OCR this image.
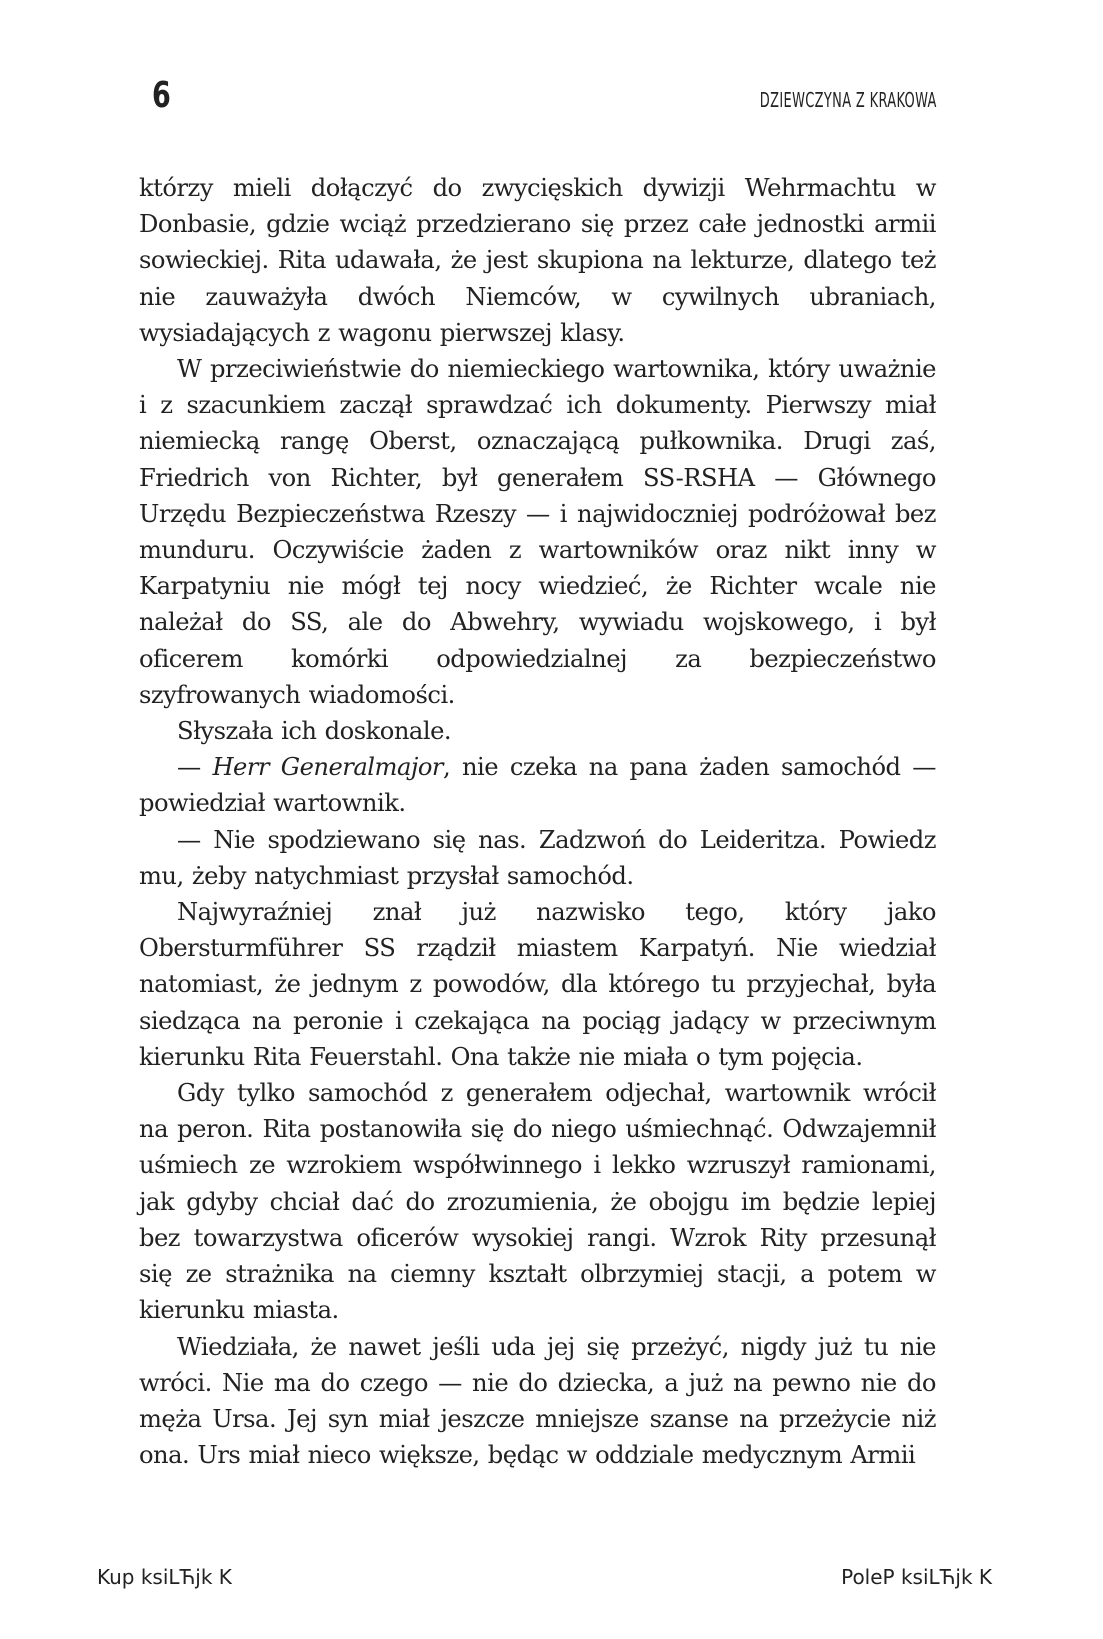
6	DZIEWCZYNA Z KRAKOWA

którzy mieli dołączyć do zwycięskich dywizji Wehrmachtu w Donbasie, gdzie wciąż przedzierano się przez całe jednostki armii sowieckiej. Rita udawała, że jest skupiona na lekturze, dlatego też nie zauważyła dwóch Niemców, w cywilnych ubraniach, wysiadających z wagonu pierwszej klasy.

W przeciwieństwie do niemieckiego wartownika, który uważnie i z szacunkiem zaczął sprawdzać ich dokumenty. Pierwszy miał niemiecką rangę Oberst, oznaczającą pułkownika. Drugi zaś, Friedrich von Richter, był generałem SS-RSHA — Głównego Urzędu Bezpieczeństwa Rzeszy — i najwidoczniej podróżował bez munduru. Oczywiście żaden z wartowników oraz nikt inny w Karpatyniu nie mógł tej nocy wiedzieć, że Richter wcale nie należał do SS, ale do Abwehry, wywiadu wojskowego, i był oficerem komórki odpowiedzialnej za bezpieczeństwo szyfrowanych wiadomości.

Słyszała ich doskonale.

— Herr Generalmajor, nie czeka na pana żaden samochód — powiedział wartownik.

— Nie spodziewano się nas. Zadzwoń do Leideritza. Powiedz mu, żeby natychmiast przysłał samochód.

Najwyraźniej znał już nazwisko tego, który jako Obersturmführer SS rządził miastem Karpatyń. Nie wiedział natomiast, że jednym z powodów, dla którego tu przyjechał, była siedząca na peronie i czekająca na pociąg jadący w przeciwnym kierunku Rita Feuerstahl. Ona także nie miała o tym pojęcia.

Gdy tylko samochód z generałem odjechał, wartownik wrócił na peron. Rita postanowiła się do niego uśmiechnąć. Odwzajemnił uśmiech ze wzrokiem współwinnego i lekko wzruszył ramionami, jak gdyby chciał dać do zrozumienia, że obojgu im będzie lepiej bez towarzystwa oficerów wysokiej rangi. Wzrok Rity przesunął się ze strażnika na ciemny kształt olbrzymiej stacji, a potem w kierunku miasta.

Wiedziała, że nawet jeśli uda jej się przeżyć, nigdy już tu nie wróci. Nie ma do czego — nie do dziecka, a już na pewno nie do męża Ursa. Jej syn miał jeszcze mniejsze szanse na przeżycie niż ona. Urs miał nieco większe, będąc w oddziale medycznym Armii

Kup ksiLЋϳk K	PoleP ksiLЋϳk K
